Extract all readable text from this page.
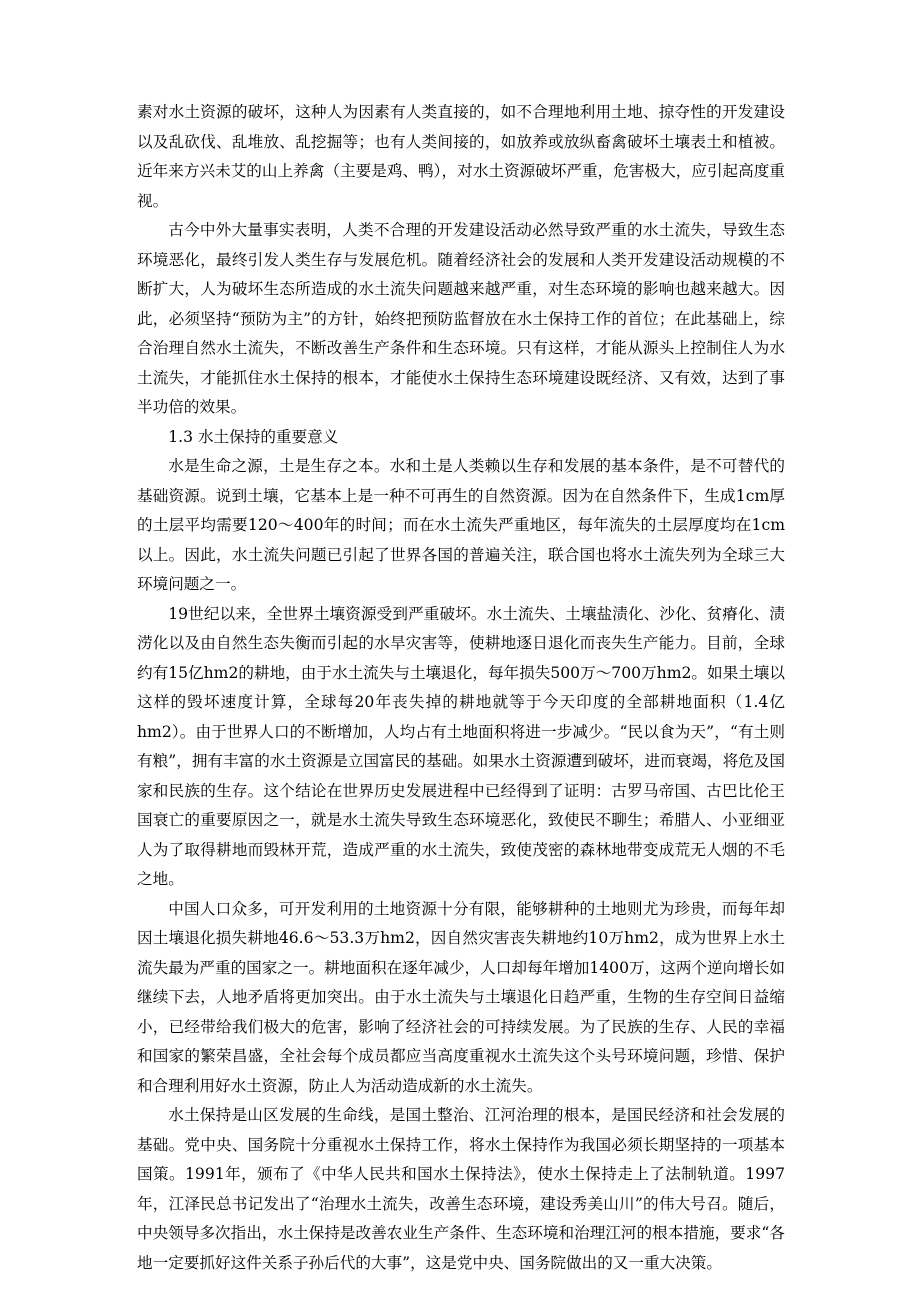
素对水土资源的破坏，这种人为因素有人类直接的，如不合理地利用土地、掠夺性的开发建设以及乱砍伐、乱堆放、乱挖掘等；也有人类间接的，如放养或放纵畜禽破坏土壤表土和植被。近年来方兴未艾的山上养禽（主要是鸡、鸭），对水土资源破坏严重，危害极大，应引起高度重视。

古今中外大量事实表明，人类不合理的开发建设活动必然导致严重的水土流失，导致生态环境恶化，最终引发人类生存与发展危机。随着经济社会的发展和人类开发建设活动规模的不断扩大，人为破坏生态所造成的水土流失问题越来越严重，对生态环境的影响也越来越大。因此，必须坚持“预防为主”的方针，始终把预防监督放在水土保持工作的首位；在此基础上，综合治理自然水土流失，不断改善生产条件和生态环境。只有这样，才能从源头上控制住人为水土流失，才能抓住水土保持的根本，才能使水土保持生态环境建设既经济、又有效，达到了事半功倍的效果。

1.3 水土保持的重要意义

水是生命之源，土是生存之本。水和土是人类赖以生存和发展的基本条件，是不可替代的基础资源。说到土壤，它基本上是一种不可再生的自然资源。因为在自然条件下，生成1cm厚的土层平均需要120～400年的时间；而在水土流失严重地区，每年流失的土层厚度均在1cm以上。因此，水土流失问题已引起了世界各国的普遍关注，联合国也将水土流失列为全球三大环境问题之一。

19世纪以来，全世界土壤资源受到严重破坏。水土流失、土壤盐渍化、沙化、贫瘠化、渍涝化以及由自然生态失衡而引起的水旱灾害等，使耕地逐日退化而丧失生产能力。目前，全球约有15亿hm2的耕地，由于水土流失与土壤退化，每年损失500万～700万hm2。如果土壤以这样的毁坏速度计算，全球每20年丧失掉的耕地就等于今天印度的全部耕地面积（1.4亿hm2）。由于世界人口的不断增加，人均占有土地面积将进一步减少。“民以食为天”，“有土则有粮”，拥有丰富的水土资源是立国富民的基础。如果水土资源遭到破坏，进而衰竭，将危及国家和民族的生存。这个结论在世界历史发展进程中已经得到了证明：古罗马帝国、古巴比伦王国衰亡的重要原因之一，就是水土流失导致生态环境恶化，致使民不聊生；希腊人、小亚细亚人为了取得耕地而毁林开荒，造成严重的水土流失，致使茂密的森林地带变成荒无人烟的不毛之地。

中国人口众多，可开发利用的土地资源十分有限，能够耕种的土地则尤为珍贵，而每年却因土壤退化损失耕地46.6～53.3万hm2，因自然灾害丧失耕地约10万hm2，成为世界上水土流失最为严重的国家之一。耕地面积在逐年减少，人口却每年增加1400万，这两个逆向增长如继续下去，人地矛盾将更加突出。由于水土流失与土壤退化日趋严重，生物的生存空间日益缩小，已经带给我们极大的危害，影响了经济社会的可持续发展。为了民族的生存、人民的幸福和国家的繁荣昌盛，全社会每个成员都应当高度重视水土流失这个头号环境问题，珍惜、保护和合理利用好水土资源，防止人为活动造成新的水土流失。

水土保持是山区发展的生命线，是国土整治、江河治理的根本，是国民经济和社会发展的基础。党中央、国务院十分重视水土保持工作，将水土保持作为我国必须长期坚持的一项基本国策。1991年，颁布了《中华人民共和国水土保持法》，使水土保持走上了法制轨道。1997年，江泽民总书记发出了“治理水土流失，改善生态环境，建设秀美山川”的伟大号召。随后，中央领导多次指出，水土保持是改善农业生产条件、生态环境和治理江河的根本措施，要求“各地一定要抓好这件关系子孙后代的大事”，这是党中央、国务院做出的又一重大决策。
